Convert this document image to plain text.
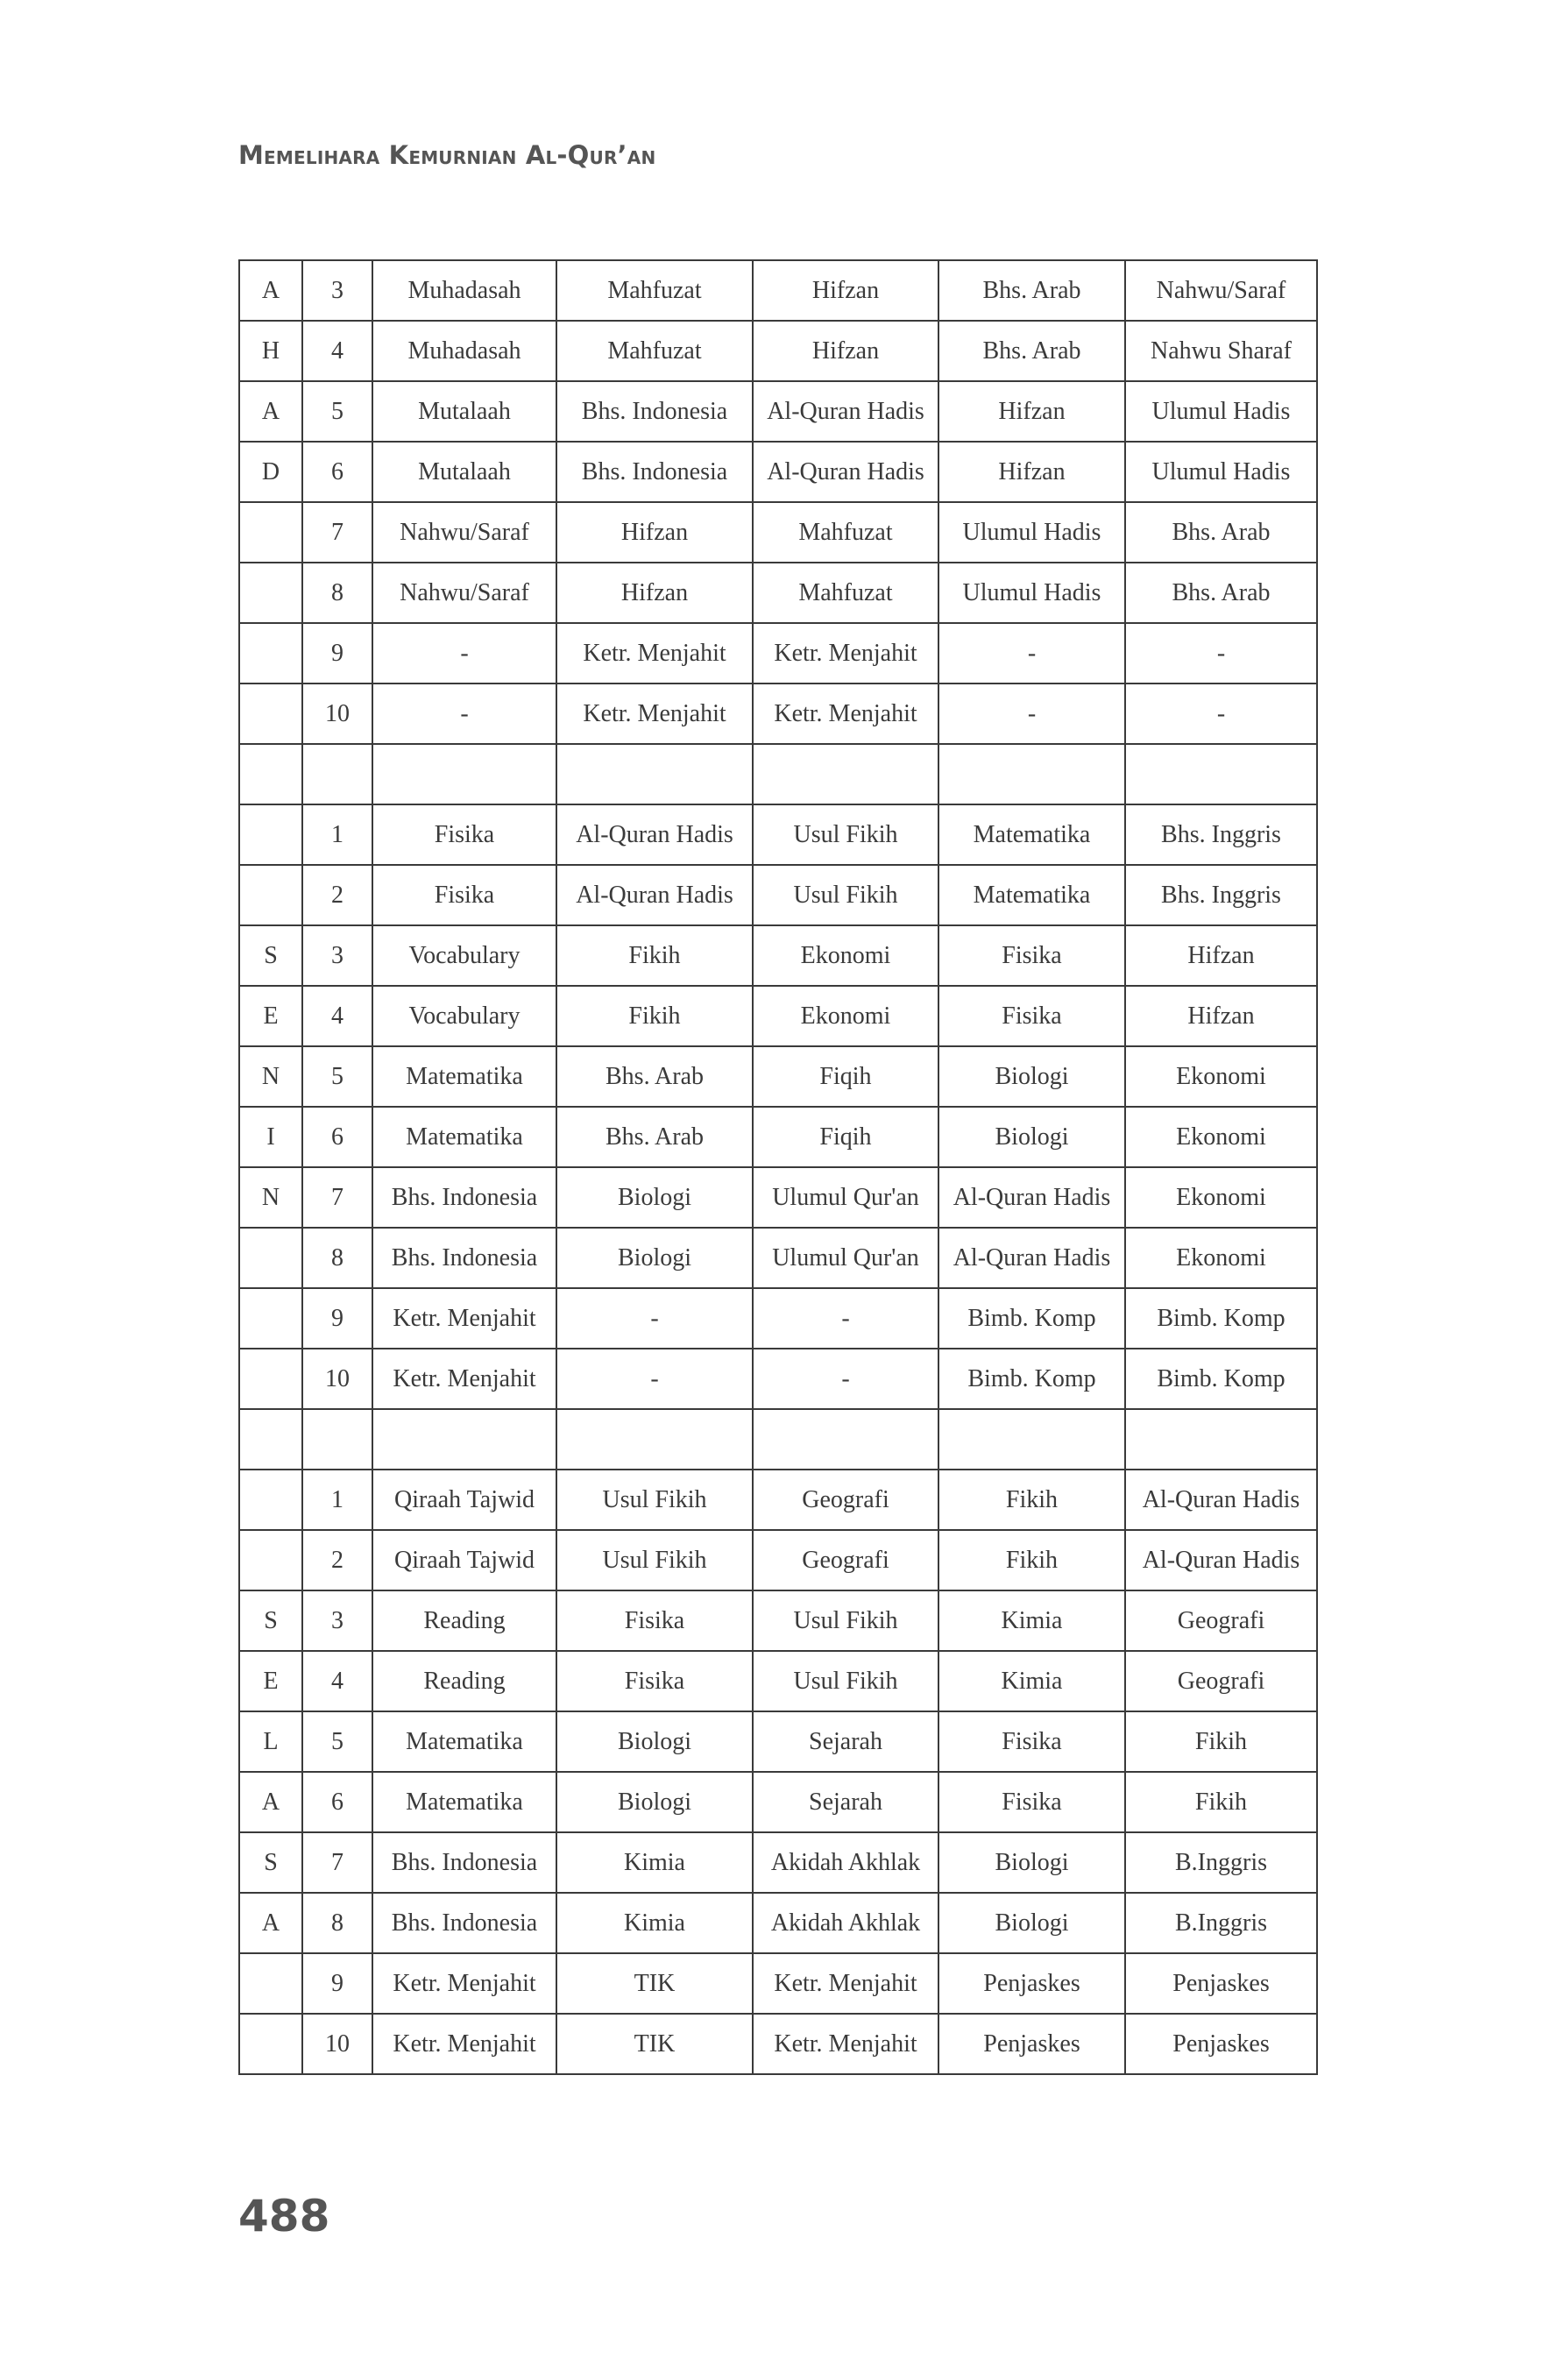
Memelihara Kemurnian Al-Qur’an
A	3	Muhadasah	Mahfuzat	Hifzan	Bhs. Arab	Nahwu/Saraf
H	4	Muhadasah	Mahfuzat	Hifzan	Bhs. Arab	Nahwu Sharaf
A	5	Mutalaah	Bhs. Indonesia	Al-Quran Hadis	Hifzan	Ulumul Hadis
D	6	Mutalaah	Bhs. Indonesia	Al-Quran Hadis	Hifzan	Ulumul Hadis
	7	Nahwu/Saraf	Hifzan	Mahfuzat	Ulumul Hadis	Bhs. Arab
	8	Nahwu/Saraf	Hifzan	Mahfuzat	Ulumul Hadis	Bhs. Arab
	9	-	Ketr. Menjahit	Ketr. Menjahit	-	-
	10	-	Ketr. Menjahit	Ketr. Menjahit	-	-

	1	Fisika	Al-Quran Hadis	Usul Fikih	Matematika	Bhs. Inggris
	2	Fisika	Al-Quran Hadis	Usul Fikih	Matematika	Bhs. Inggris
S	3	Vocabulary	Fikih	Ekonomi	Fisika	Hifzan
E	4	Vocabulary	Fikih	Ekonomi	Fisika	Hifzan
N	5	Matematika	Bhs. Arab	Fiqih	Biologi	Ekonomi
I	6	Matematika	Bhs. Arab	Fiqih	Biologi	Ekonomi
N	7	Bhs. Indonesia	Biologi	Ulumul Qur'an	Al-Quran Hadis	Ekonomi
	8	Bhs. Indonesia	Biologi	Ulumul Qur'an	Al-Quran Hadis	Ekonomi
	9	Ketr. Menjahit	-	-	Bimb. Komp	Bimb. Komp
	10	Ketr. Menjahit	-	-	Bimb. Komp	Bimb. Komp

	1	Qiraah Tajwid	Usul Fikih	Geografi	Fikih	Al-Quran Hadis
	2	Qiraah Tajwid	Usul Fikih	Geografi	Fikih	Al-Quran Hadis
S	3	Reading	Fisika	Usul Fikih	Kimia	Geografi
E	4	Reading	Fisika	Usul Fikih	Kimia	Geografi
L	5	Matematika	Biologi	Sejarah	Fisika	Fikih
A	6	Matematika	Biologi	Sejarah	Fisika	Fikih
S	7	Bhs. Indonesia	Kimia	Akidah Akhlak	Biologi	B.Inggris
A	8	Bhs. Indonesia	Kimia	Akidah Akhlak	Biologi	B.Inggris
	9	Ketr. Menjahit	TIK	Ketr. Menjahit	Penjaskes	Penjaskes
	10	Ketr. Menjahit	TIK	Ketr. Menjahit	Penjaskes	Penjaskes
488
